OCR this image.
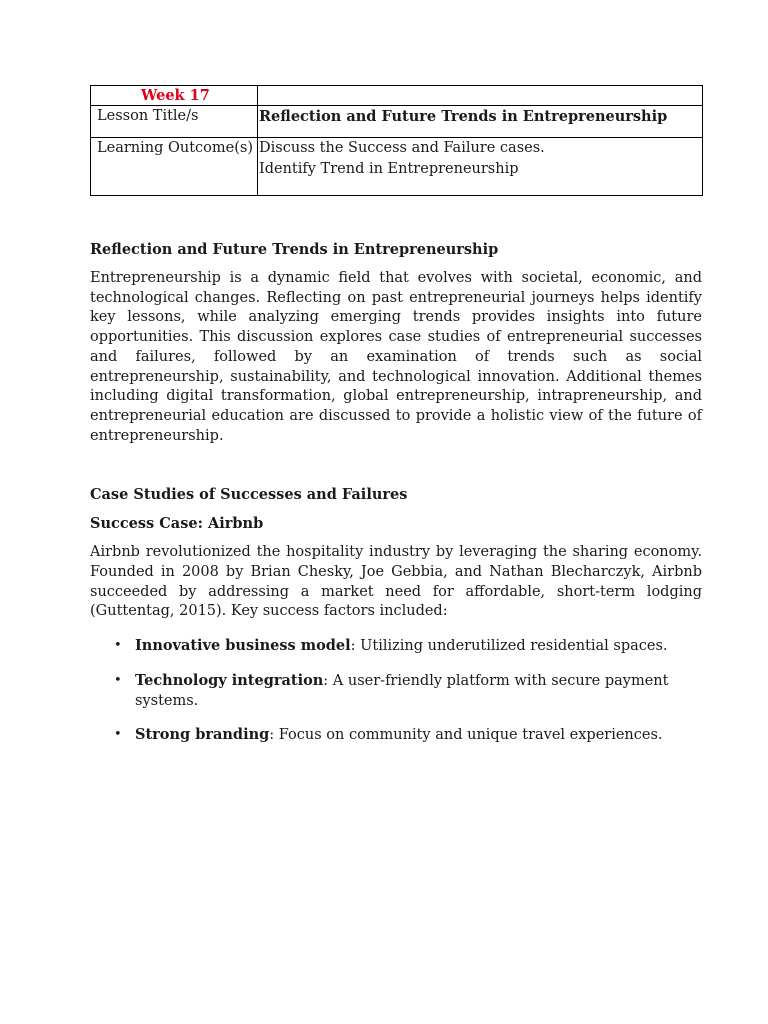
Week 17	

Lesson Title/s	Reflection and Future Trends in Entrepreneurship
Learning Outcome(s)	Discuss the Success and Failure cases.
Identify Trend in Entrepreneurship
Reflection and Future Trends in Entrepreneurship

Entrepreneurship is a dynamic field that evolves with societal, economic, and technological changes. Reflecting on past entrepreneurial journeys helps identify key lessons, while analyzing emerging trends provides insights into future opportunities. This discussion explores case studies of entrepreneurial successes and failures, followed by an examination of trends such as social entrepreneurship, sustainability, and technological innovation. Additional themes including digital transformation, global entrepreneurship, intrapreneurship, and entrepreneurial education are discussed to provide a holistic view of the future of entrepreneurship.

Case Studies of Successes and Failures
Success Case: Airbnb

Airbnb revolutionized the hospitality industry by leveraging the sharing economy. Founded in 2008 by Brian Chesky, Joe Gebbia, and Nathan Blecharczyk, Airbnb succeeded by addressing a market need for affordable, short-term lodging (Guttentag, 2015). Key success factors included:

• Innovative business model: Utilizing underutilized residential spaces.
• Technology integration: A user-friendly platform with secure payment systems.
• Strong branding: Focus on community and unique travel experiences.
